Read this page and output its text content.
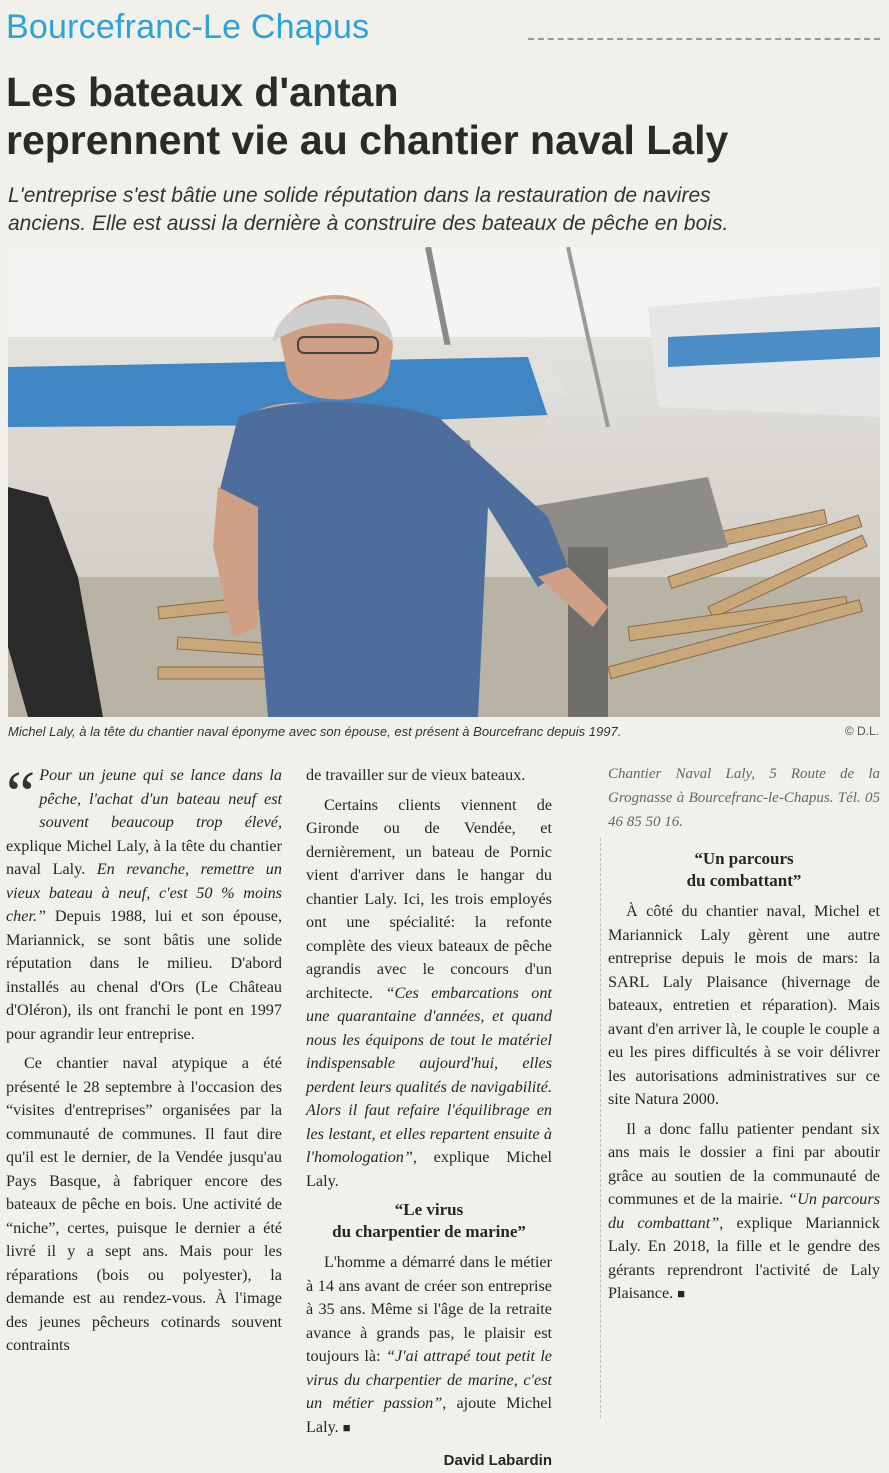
Bourcefranc-Le Chapus
Les bateaux d'antan
reprennent vie au chantier naval Laly
L'entreprise s'est bâtie une solide réputation dans la restauration de navires
anciens. Elle est aussi la dernière à construire des bateaux de pêche en bois.
Michel Laly, à la tête du chantier naval éponyme avec son épouse, est présent à Bourcefranc depuis 1997.	© D.L.

“ Pour un jeune qui se lance dans la pêche, l'achat d'un bateau neuf est souvent beaucoup trop élevé, explique Michel Laly, à la tête du chantier naval Laly. En revanche, remettre un vieux bateau à neuf, c'est 50 % moins cher.” Depuis 1988, lui et son épouse, Mariannick, se sont bâtis une solide réputation dans le milieu. D'abord installés au chenal d'Ors (Le Château d'Oléron), ils ont franchi le pont en 1997 pour agrandir leur entreprise.

Ce chantier naval atypique a été présenté le 28 septembre à l'occasion des “visites d'entreprises” organisées par la communauté de communes. Il faut dire qu'il est le dernier, de la Vendée jusqu'au Pays Basque, à fabriquer encore des bateaux de pêche en bois. Une activité de “niche”, certes, puisque le dernier a été livré il y a sept ans. Mais pour les réparations (bois ou polyester), la demande est au rendez-vous. À l'image des jeunes pêcheurs cotinards souvent contraints

de travailler sur de vieux bateaux.

Certains clients viennent de Gironde ou de Vendée, et dernièrement, un bateau de Pornic vient d'arriver dans le hangar du chantier Laly. Ici, les trois employés ont une spécialité: la refonte complète des vieux bateaux de pêche agrandis avec le concours d'un architecte. “Ces embarcations ont une quarantaine d'années, et quand nous les équipons de tout le matériel indispensable aujourd'hui, elles perdent leurs qualités de navigabilité. Alors il faut refaire l'équilibrage en les lestant, et elles repartent ensuite à l'homologation”, explique Michel Laly.

“Le virus
du charpentier de marine”

L'homme a démarré dans le métier à 14 ans avant de créer son entreprise à 35 ans. Même si l'âge de la retraite avance à grands pas, le plaisir est toujours là: “J'ai attrapé tout petit le virus du charpentier de marine, c'est un métier passion”, ajoute Michel Laly. ■

David Labardin
Chantier Naval Laly, 5 Route de la Grognasse à Bourcefranc-le-Chapus. Tél. 05 46 85 50 16.
“Un parcours
du combattant”

À côté du chantier naval, Michel et Mariannick Laly gèrent une autre entreprise depuis le mois de mars: la SARL Laly Plaisance (hivernage de bateaux, entretien et réparation). Mais avant d'en arriver là, le couple le couple a eu les pires difficultés à se voir délivrer les autorisations administratives sur ce site Natura 2000.

Il a donc fallu patienter pendant six ans mais le dossier a fini par aboutir grâce au soutien de la communauté de communes et de la mairie. “Un parcours du combattant”, explique Mariannick Laly. En 2018, la fille et le gendre des gérants reprendront l'activité de Laly Plaisance. ■
